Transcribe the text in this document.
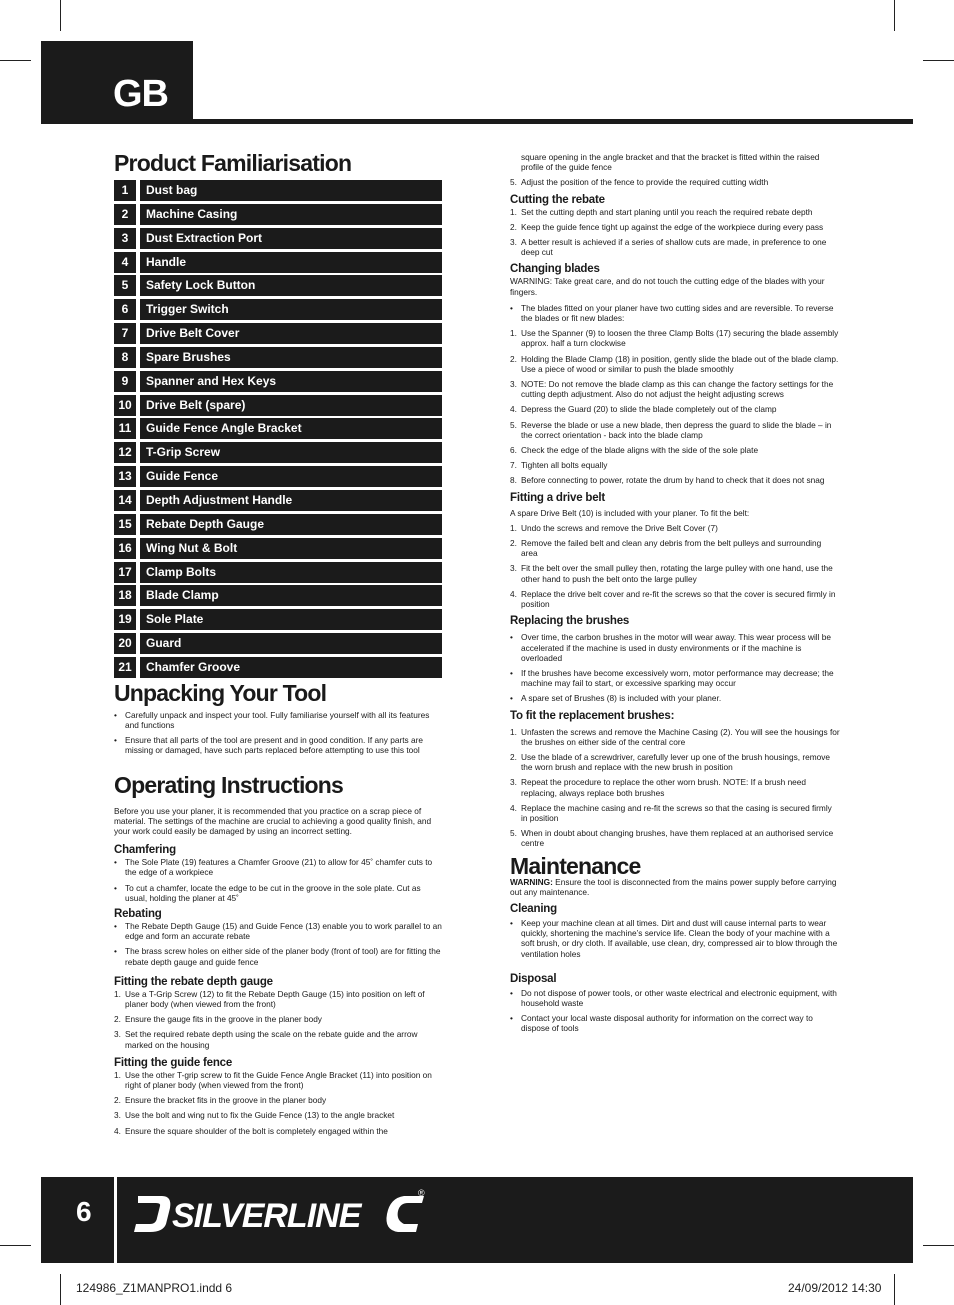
GB
Product Familiarisation
1	Dust bag
2	Machine Casing
3	Dust Extraction Port
4	Handle
5	Safety Lock Button
6	Trigger Switch
7	Drive Belt Cover
8	Spare Brushes
9	Spanner and Hex Keys
10	Drive Belt (spare)
11	Guide Fence Angle Bracket
12	T-Grip Screw
13	Guide Fence
14	Depth Adjustment Handle
15	Rebate Depth Gauge
16	Wing Nut & Bolt
17	Clamp Bolts
18	Blade Clamp
19	Sole Plate
20	Guard
21	Chamfer Groove
Unpacking Your Tool
• Carefully unpack and inspect your tool. Fully familiarise yourself with all its features and functions
• Ensure that all parts of the tool are present and in good condition. If any parts are missing or damaged, have such parts replaced before attempting to use this tool
Operating Instructions

Before you use your planer, it is recommended that you practice on a scrap piece of material. The settings of the machine are crucial to achieving a good quality finish, and your work could easily be damaged by using an incorrect setting.

Chamfering
• The Sole Plate (19) features a Chamfer Groove (21) to allow for 45˚ chamfer cuts to the edge of a workpiece
• To cut a chamfer, locate the edge to be cut in the groove in the sole plate. Cut as usual, holding the planer at 45˚
Rebating
• The Rebate Depth Gauge (15) and Guide Fence (13) enable you to work parallel to an edge and form an accurate rebate
• The brass screw holes on either side of the planer body (front of tool) are for fitting the rebate depth gauge and guide fence
Fitting the rebate depth gauge
1. Use a T-Grip Screw (12) to fit the Rebate Depth Gauge (15) into position on left of planer body (when viewed from the front)
2. Ensure the gauge fits in the groove in the planer body
3. Set the required rebate depth using the scale on the rebate guide and the arrow marked on the housing
Fitting the guide fence
1. Use the other T-grip screw to fit the Guide Fence Angle Bracket (11) into position on right of planer body (when viewed from the front)
2. Ensure the bracket fits in the groove in the planer body
3. Use the bolt and wing nut to fix the Guide Fence (13) to the angle bracket
4. Ensure the square shoulder of the bolt is completely engaged within the
square opening in the angle bracket and that the bracket is fitted within the raised profile of the guide fence
5. Adjust the position of the fence to provide the required cutting width
Cutting the rebate
1. Set the cutting depth and start planing until you reach the required rebate depth
2. Keep the guide fence tight up against the edge of the workpiece during every pass
3. A better result is achieved if a series of shallow cuts are made, in preference to one deep cut
Changing blades

WARNING: Take great care, and do not touch the cutting edge of the blades with your fingers.

• The blades fitted on your planer have two cutting sides and are reversible. To reverse the blades or fit new blades:
1. Use the Spanner (9) to loosen the three Clamp Bolts (17) securing the blade assembly approx. half a turn clockwise
2. Holding the Blade Clamp (18) in position, gently slide the blade out of the blade clamp. Use a piece of wood or similar to push the blade smoothly
3. NOTE: Do not remove the blade clamp as this can change the factory settings for the cutting depth adjustment. Also do not adjust the height adjusting screws
4. Depress the Guard (20) to slide the blade completely out of the clamp
5. Reverse the blade or use a new blade, then depress the guard to slide the blade – in the correct orientation - back into the blade clamp
6. Check the edge of the blade aligns with the side of the sole plate
7. Tighten all bolts equally
8. Before connecting to power, rotate the drum by hand to check that it does not snag
Fitting a drive belt

A spare Drive Belt (10) is included with your planer. To fit the belt:

1. Undo the screws and remove the Drive Belt Cover (7)
2. Remove the failed belt and clean any debris from the belt pulleys and surrounding area
3. Fit the belt over the small pulley then, rotating the large pulley with one hand, use the other hand to push the belt onto the large pulley
4. Replace the drive belt cover and re-fit the screws so that the cover is secured firmly in position
Replacing the brushes
• Over time, the carbon brushes in the motor will wear away. This wear process will be accelerated if the machine is used in dusty environments or if the machine is overloaded
• If the brushes have become excessively worn, motor performance may decrease; the machine may fail to start, or excessive sparking may occur
• A spare set of Brushes (8) is included with your planer.
To fit the replacement brushes:
1. Unfasten the screws and remove the Machine Casing (2). You will see the housings for the brushes on either side of the central core
2. Use the blade of a screwdriver, carefully lever up one of the brush housings, remove the worn brush and replace with the new brush in position
3. Repeat the procedure to replace the other worn brush. NOTE: If a brush need replacing, always replace both brushes
4. Replace the machine casing and re-fit the screws so that the casing is secured firmly in position
5. When in doubt about changing brushes, have them replaced at an authorised service centre
Maintenance

WARNING: Ensure the tool is disconnected from the mains power supply before carrying out any maintenance.

Cleaning
• Keep your machine clean at all times. Dirt and dust will cause internal parts to wear quickly, shortening the machine’s service life. Clean the body of your machine with a soft brush, or dry cloth. If available, use clean, dry, compressed air to blow through the ventilation holes
Disposal
• Do not dispose of power tools, or other waste electrical and electronic equipment, with household waste
• Contact your local waste disposal authority for information on the correct way to dispose of tools
6 SILVERLINE
®
124986_Z1MANPRO1.indd 6	24/09/2012 14:30
